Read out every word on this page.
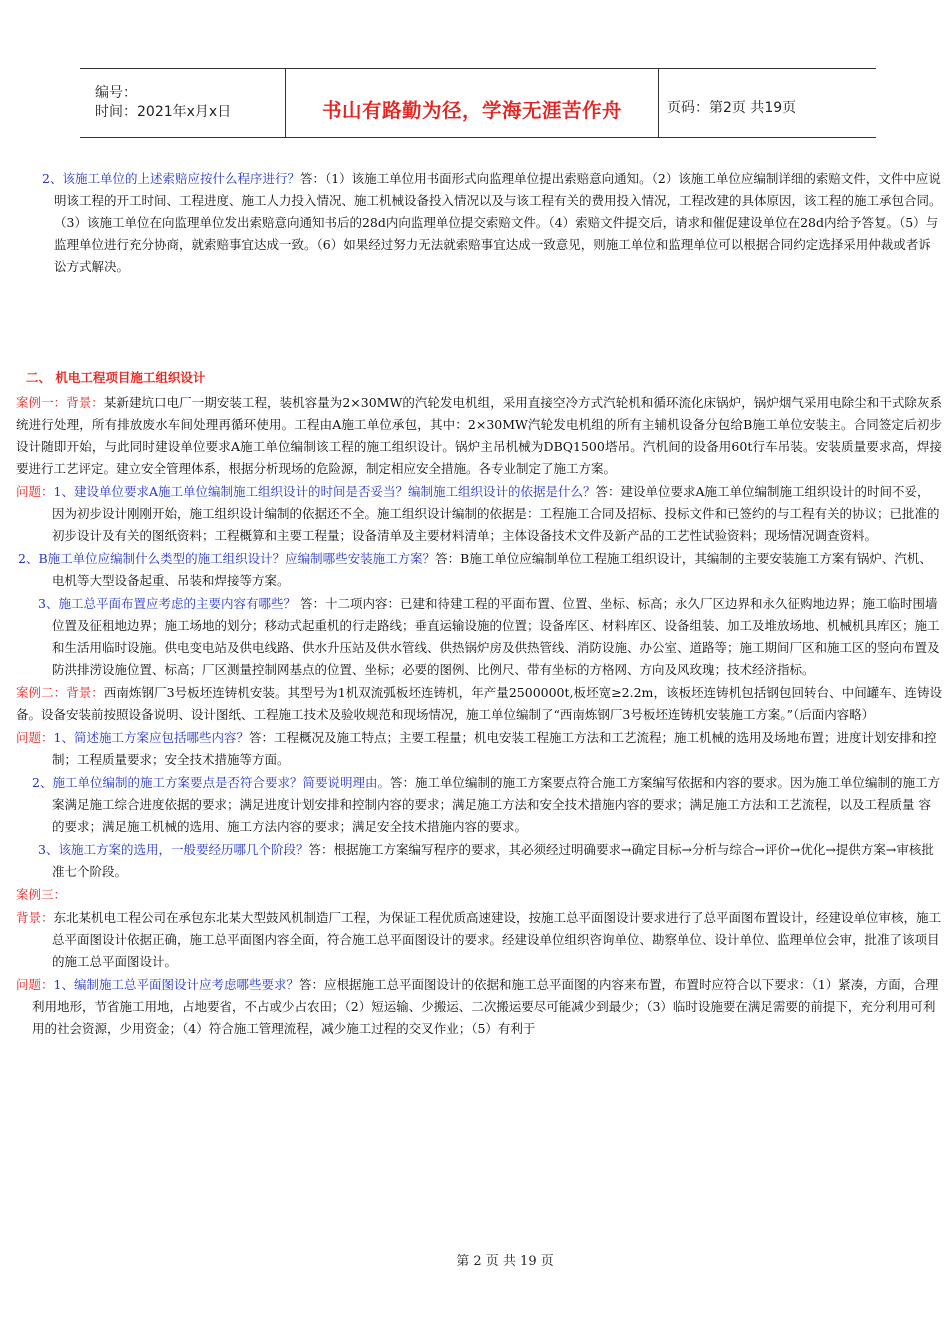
编号：
时间：2021年x月x日	书山有路勤为径，学海无涯苦作舟	页码：第2页 共19页

2、该施工单位的上述索赔应按什么程序进行？答：（1）该施工单位用书面形式向监理单位提出索赔意向通知。（2）该施工单位应编制详细的索赔文件，文件中应说明该工程的开工时间、工程进度、施工人力投入情况、施工机械设备投入情况以及与该工程有关的费用投入情况，工程改建的具体原因，该工程的施工承包合同。（3）该施工单位在向监理单位发出索赔意向通知书后的28d内向监理单位提交索赔文件。（4）索赔文件提交后，请求和催促建设单位在28d内给予答复。（5）与监理单位进行充分协商，就索赔事宜达成一致。（6）如果经过努力无法就索赔事宜达成一致意见，则施工单位和监理单位可以根据合同约定选择采用仲裁或者诉讼方式解决。

二、 机电工程项目施工组织设计

案例一：背景：某新建坑口电厂一期安装工程，装机容量为2×30MW的汽轮发电机组，采用直接空冷方式汽轮机和循环流化床锅炉，锅炉烟气采用电除尘和干式除灰系统进行处理，所有排放废水车间处理再循环使用。工程由A施工单位承包，其中：2×30MW汽轮发电机组的所有主辅机设备分包给B施工单位安装主。合同签定后初步设计随即开始，与此同时建设单位要求A施工单位编制该工程的施工组织设计。锅炉主吊机械为DBQ1500塔吊。汽机间的设备用60t行车吊装。安装质量要求高，焊接要进行工艺评定。建立安全管理体系，根据分析现场的危险源，制定相应安全措施。各专业制定了施工方案。

问题：1、建设单位要求A施工单位编制施工组织设计的时间是否妥当？编制施工组织设计的依据是什么？答：建设单位要求A施工单位编制施工组织设计的时间不妥，因为初步设计刚刚开始，施工组织设计编制的依据还不全。施工组织设计编制的依据是：工程施工合同及招标、投标文件和已签约的与工程有关的协议；已批准的初步设计及有关的图纸资料；工程概算和主要工程量；设备清单及主要材料清单；主体设备技术文件及新产品的工艺性试验资料；现场情况调查资料。

2、B施工单位应编制什么类型的施工组织设计？应编制哪些安装施工方案？答：B施工单位应编制单位工程施工组织设计，其编制的主要安装施工方案有锅炉、汽机、电机等大型设备起重、吊装和焊接等方案。

3、施工总平面布置应考虑的主要内容有哪些？ 答：十二项内容：已建和待建工程的平面布置、位置、坐标、标高；永久厂区边界和永久征购地边界；施工临时围墙位置及征租地边界；施工场地的划分；移动式起重机的行走路线；垂直运输设施的位置；设备库区、材料库区、设备组装、加工及堆放场地、机械机具库区；施工和生活用临时设施。供电变电站及供电线路、供水升压站及供水管线、供热锅炉房及供热管线、消防设施、办公室、道路等；施工期间厂区和施工区的竖向布置及防洪排涝设施位置、标高；厂区测量控制网基点的位置、坐标；必要的图例、比例尺、带有坐标的方格网、方向及风玫瑰；技术经济指标。

案例二：背景：西南炼钢厂3号板坯连铸机安装。其型号为1机双流弧板坯连铸机，年产量2500000t,板坯宽≥2.2m，该板坯连铸机包括钢包回转台、中间罐车、连铸设备。设备安装前按照设备说明、设计图纸、工程施工技术及验收规范和现场情况，施工单位编制了“西南炼钢厂3号板坯连铸机安装施工方案。”（后面内容略）

问题：1、简述施工方案应包括哪些内容？答：工程概况及施工特点；主要工程量；机电安装工程施工方法和工艺流程；施工机械的选用及场地布置；进度计划安排和控制；工程质量要求；安全技术措施等方面。

2、施工单位编制的施工方案要点是否符合要求？简要说明理由。答：施工单位编制的施工方案要点符合施工方案编写依据和内容的要求。因为施工单位编制的施工方案满足施工综合进度依据的要求；满足进度计划安排和控制内容的要求；满足施工方法和安全技术措施内容的要求；满足施工方法和工艺流程，以及工程质量 容的要求；满足施工机械的选用、施工方法内容的要求；满足安全技术措施内容的要求。

3、该施工方案的选用，一般要经历哪几个阶段？答：根据施工方案编写程序的要求，其必须经过明确要求→确定目标→分析与综合→评价→优化→提供方案→审核批准七个阶段。

案例三：

背景：东北某机电工程公司在承包东北某大型鼓风机制造厂工程，为保证工程优质高速建设，按施工总平面图设计要求进行了总平面图布置设计，经建设单位审核，施工总平面图设计依据正确，施工总平面图内容全面，符合施工总平面图设计的要求。经建设单位组织咨询单位、勘察单位、设计单位、监理单位会审，批准了该项目的施工总平面图设计。

问题：1、编制施工总平面图设计应考虑哪些要求？答：应根据施工总平面图设计的依据和施工总平面图的内容来布置，布置时应符合以下要求：（1）紧凑，方面，合理利用地形，节省施工用地，占地要省，不占或少占农田；（2）短运输、少搬运、二次搬运要尽可能减少到最少；（3）临时设施要在满足需要的前提下，充分利用可利用的社会资源，少用资金；（4）符合施工管理流程，减少施工过程的交叉作业；（5）有利于

第 2 页 共 19 页
